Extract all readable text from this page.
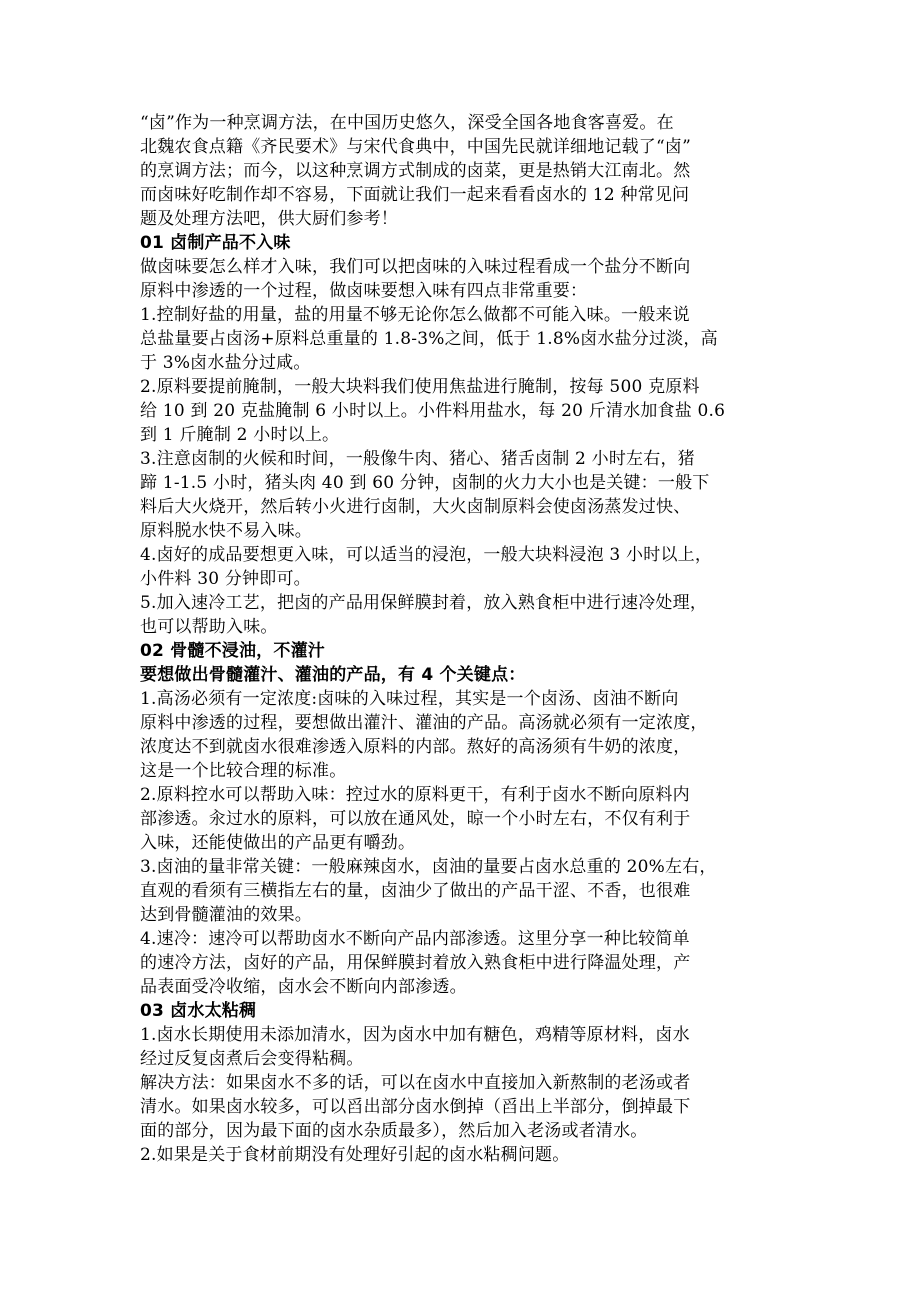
“卤”作为一种烹调方法，在中国历史悠久，深受全国各地食客喜爱。在
北魏农食点籍《齐民要术》与宋代食典中，中国先民就详细地记载了“卤”
的烹调方法；而今，以这种烹调方式制成的卤菜，更是热销大江南北。然
而卤味好吃制作却不容易，下面就让我们一起来看看卤水的 12 种常见问
题及处理方法吧，供大厨们参考！
01 卤制产品不入味
做卤味要怎么样才入味，我们可以把卤味的入味过程看成一个盐分不断向
原料中渗透的一个过程，做卤味要想入味有四点非常重要：
1.控制好盐的用量，盐的用量不够无论你怎么做都不可能入味。一般来说
总盐量要占卤汤+原料总重量的 1.8-3%之间，低于 1.8%卤水盐分过淡，高
于 3%卤水盐分过咸。
2.原料要提前腌制，一般大块料我们使用焦盐进行腌制，按每 500 克原料
给 10 到 20 克盐腌制 6 小时以上。小件料用盐水，每 20 斤清水加食盐 0.6
到 1 斤腌制 2 小时以上。
3.注意卤制的火候和时间，一般像牛肉、猪心、猪舌卤制 2 小时左右，猪
蹄 1-1.5 小时，猪头肉 40 到 60 分钟，卤制的火力大小也是关键：一般下
料后大火烧开，然后转小火进行卤制，大火卤制原料会使卤汤蒸发过快、
原料脱水快不易入味。
4.卤好的成品要想更入味，可以适当的浸泡，一般大块料浸泡 3 小时以上，
小件料 30 分钟即可。
5.加入速冷工艺，把卤的产品用保鲜膜封着，放入熟食柜中进行速冷处理，
也可以帮助入味。
02 骨髓不浸油，不灌汁
要想做出骨髓灌汁、灌油的产品，有 4 个关键点：
1.高汤必须有一定浓度:卤味的入味过程，其实是一个卤汤、卤油不断向
原料中渗透的过程，要想做出灌汁、灌油的产品。高汤就必须有一定浓度，
浓度达不到就卤水很难渗透入原料的内部。熬好的高汤须有牛奶的浓度，
这是一个比较合理的标准。
2.原料控水可以帮助入味：控过水的原料更干，有利于卤水不断向原料内
部渗透。汆过水的原料，可以放在通风处，晾一个小时左右，不仅有利于
入味，还能使做出的产品更有嚼劲。
3.卤油的量非常关键：一般麻辣卤水，卤油的量要占卤水总重的 20%左右，
直观的看须有三横指左右的量，卤油少了做出的产品干涩、不香，也很难
达到骨髓灌油的效果。
4.速冷：速冷可以帮助卤水不断向产品内部渗透。这里分享一种比较简单
的速冷方法，卤好的产品，用保鲜膜封着放入熟食柜中进行降温处理，产
品表面受冷收缩，卤水会不断向内部渗透。
03 卤水太粘稠
1.卤水长期使用未添加清水，因为卤水中加有糖色，鸡精等原材料，卤水
经过反复卤煮后会变得粘稠。
解决方法：如果卤水不多的话，可以在卤水中直接加入新熬制的老汤或者
清水。如果卤水较多，可以舀出部分卤水倒掉（舀出上半部分，倒掉最下
面的部分，因为最下面的卤水杂质最多），然后加入老汤或者清水。
2.如果是关于食材前期没有处理好引起的卤水粘稠问题。
